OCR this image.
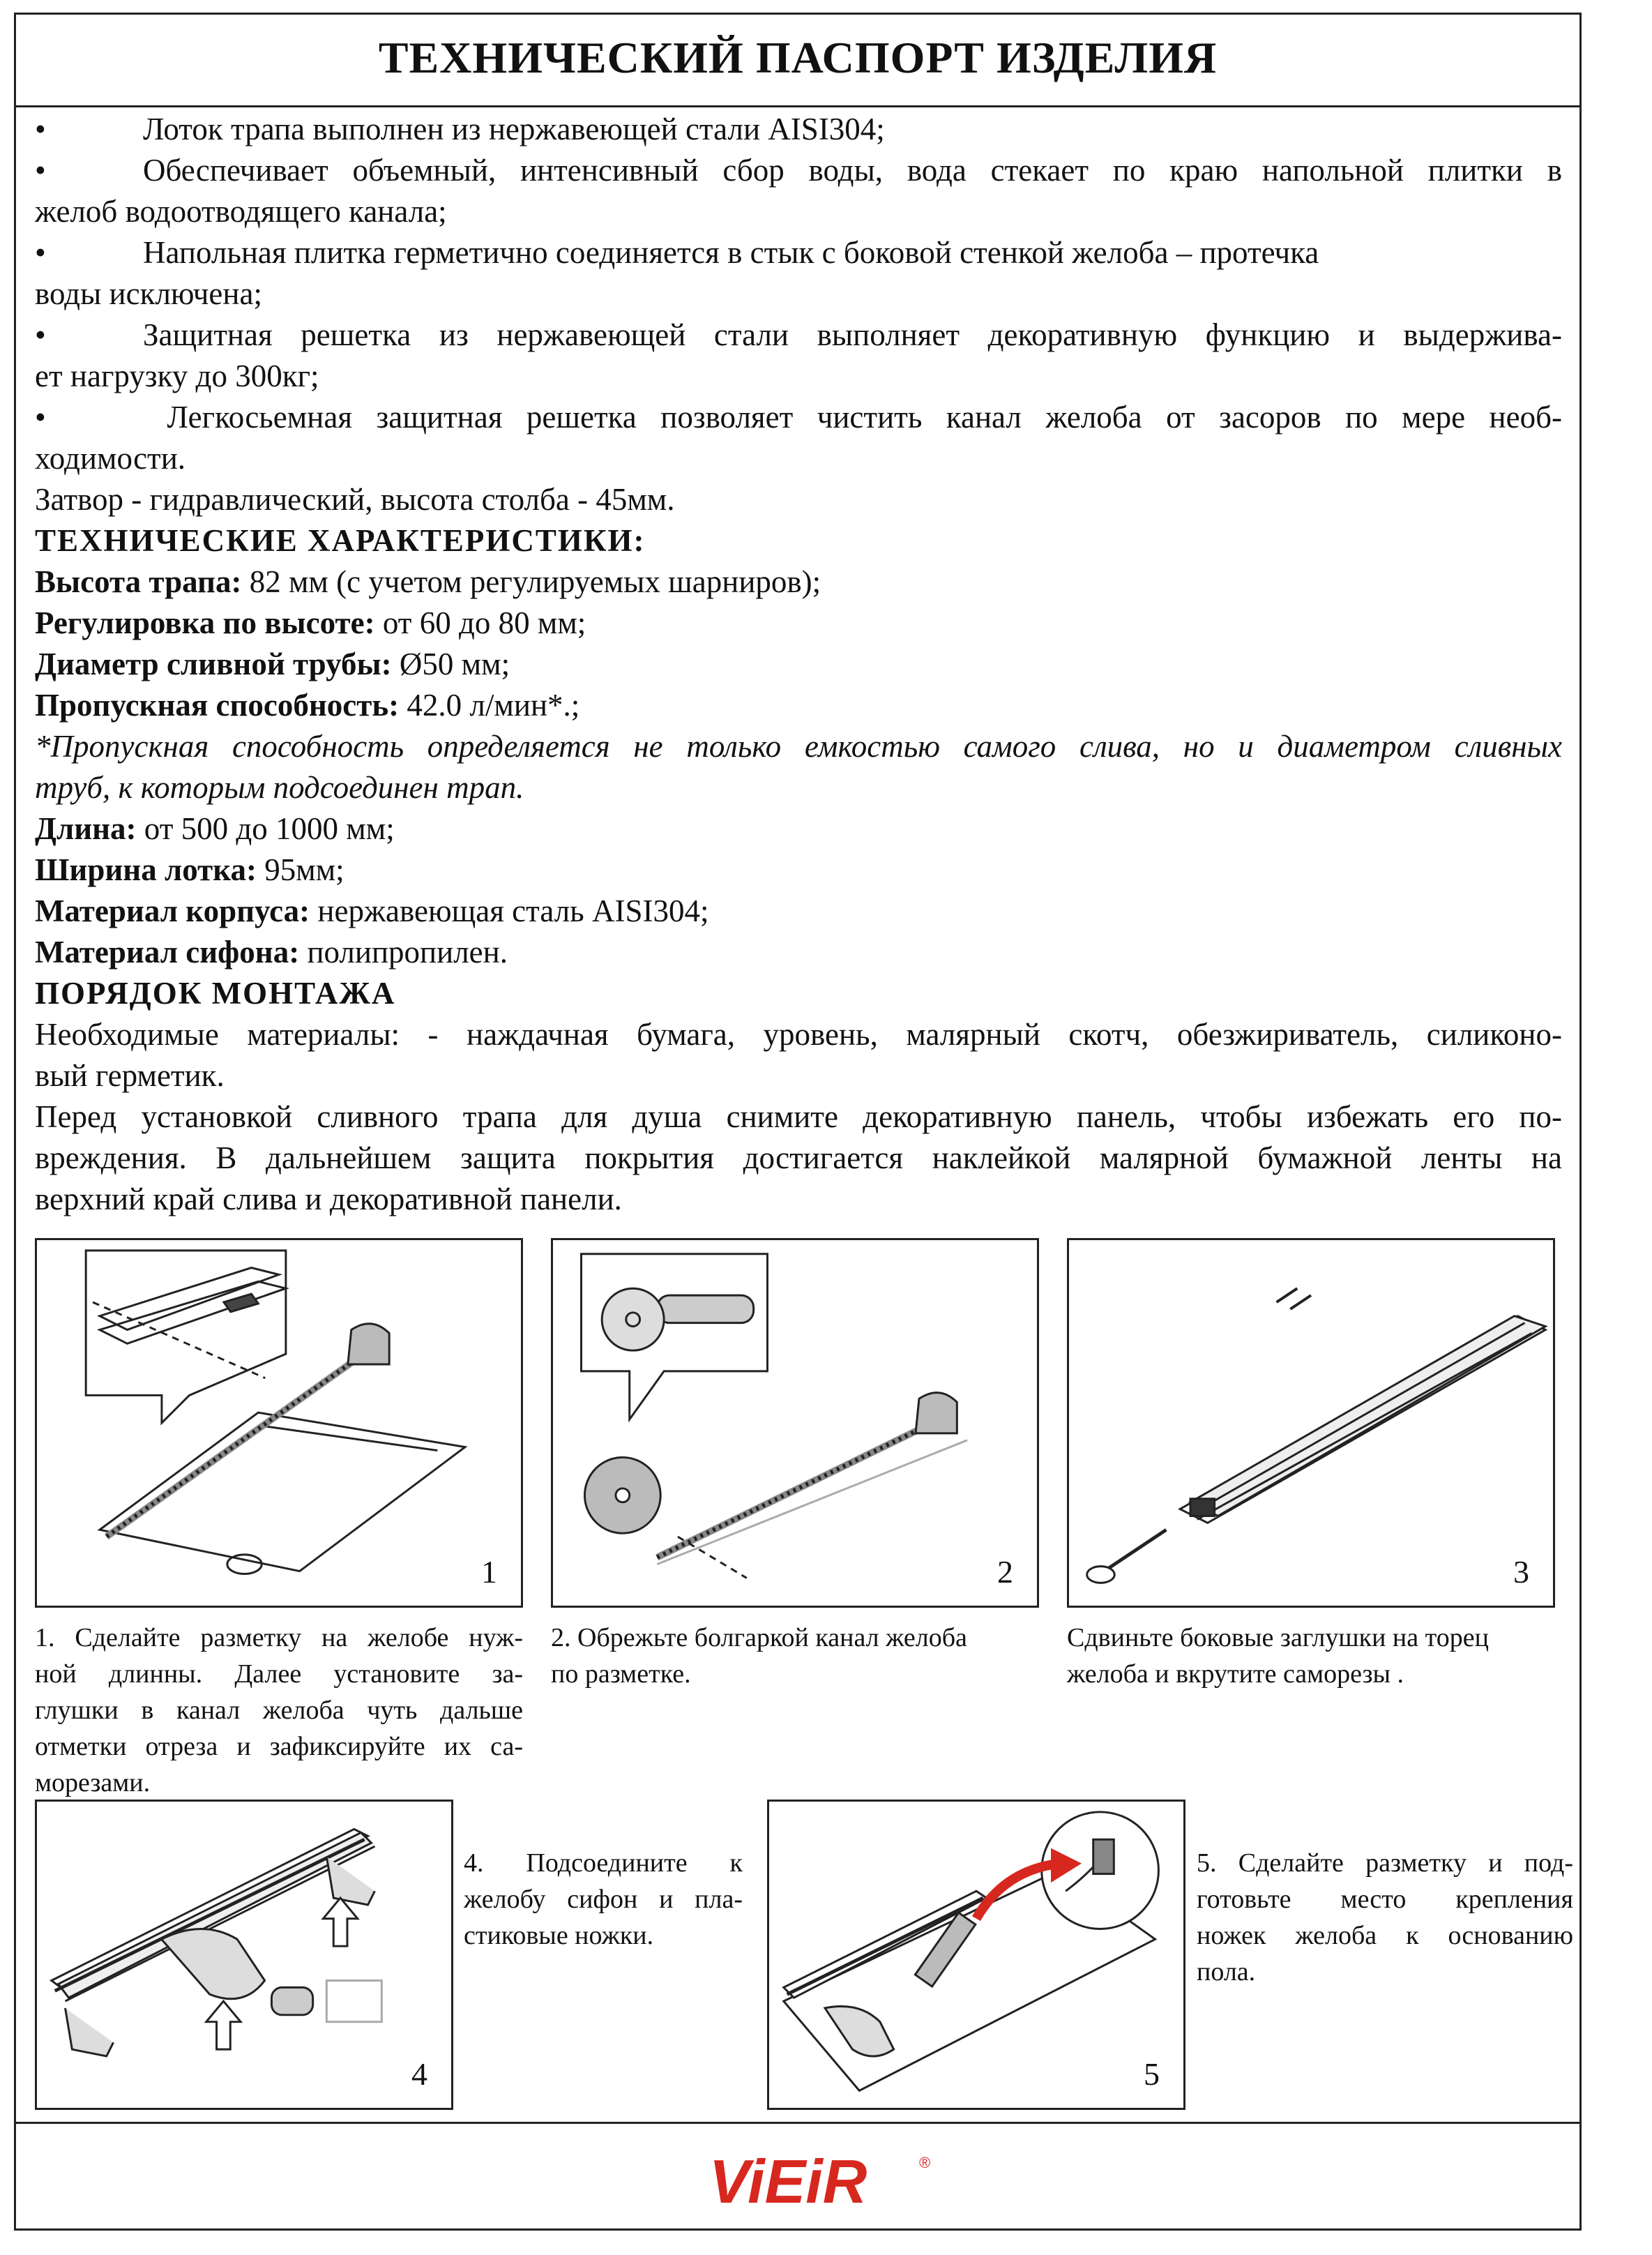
ТЕХНИЧЕСКИЙ ПАСПОРТ ИЗДЕЛИЯ
•	Лоток трапа выполнен из нержавеющей стали AISI304;
•	Обеспечивает объемный, интенсивный сбор воды, вода стекает по краю напольной плитки в
желоб водоотводящего канала;
•	Напольная плитка герметично соединяется в стык с боковой стенкой желоба – протечка
воды исключена;
•	Защитная решетка из нержавеющей стали выполняет декоративную функцию и выдержива-
ет нагрузку до 300кг;
•	Легкосьемная защитная решетка позволяет чистить канал желоба от засоров по мере необ-
ходимости.
Затвор - гидравлический, высота столба - 45мм.
ТЕХНИЧЕСКИЕ ХАРАКТЕРИСТИКИ:
Высота трапа: 82 мм (с учетом регулируемых шарниров);
Регулировка по высоте: от 60 до 80 мм;
Диаметр сливной трубы: Ø50 мм;
Пропускная способность: 42.0 л/мин*.;
*Пропускная способность определяется не только емкостью самого слива, но и диаметром сливных
труб, к которым подсоединен трап.
Длина: от 500 до 1000 мм;
Ширина лотка: 95мм;
Материал корпуса: нержавеющая сталь AISI304;
Материал сифона: полипропилен.
ПОРЯДОК МОНТАЖА
Необходимые материалы: - наждачная бумага, уровень, малярный скотч, обезжириватель, силиконо-
вый герметик.
Перед установкой сливного трапа для душа снимите декоративную панель, чтобы избежать его по-
вреждения. В дальнейшем защита покрытия достигается наклейкой малярной бумажной ленты на
верхний край слива и декоративной панели.
1	2	3
1. Сделайте разметку на желобе нуж-
ной длинны. Далее установите за-
глушки в канал желоба чуть дальше
отметки отреза и зафиксируйте их са-
морезами.
2. Обрежьте болгаркой канал желоба
по разметке.
Сдвиньте боковые заглушки на торец
желоба и вкрутите саморезы .
4
4. Подсоедините к
желобу сифон и пла-
стиковые ножки.
5
5. Сделайте разметку и под-
готовьте место крепления
ножек желоба к основанию
пола.
ViEiR	®
